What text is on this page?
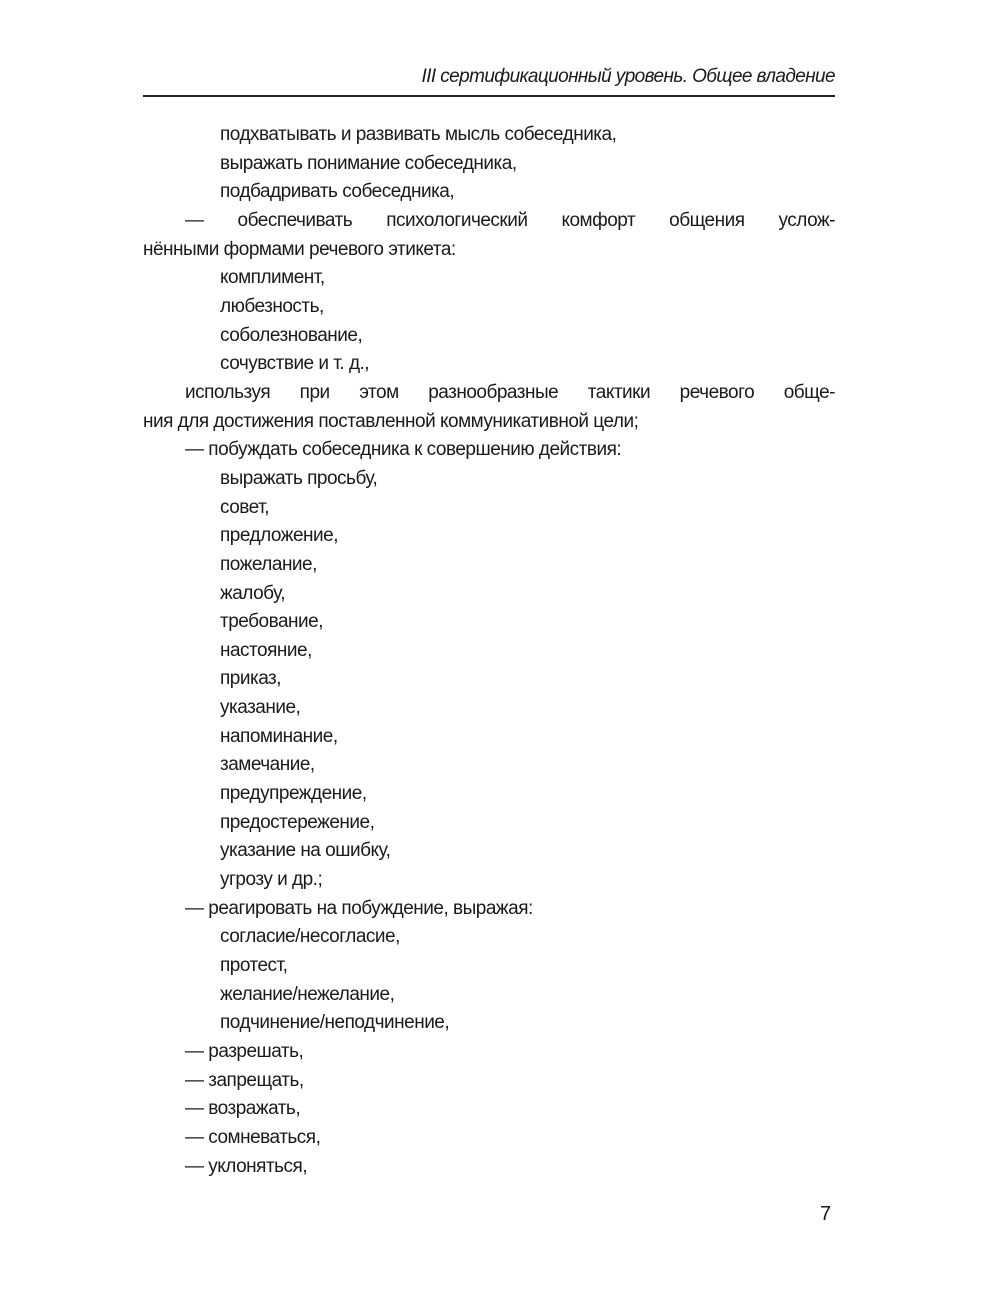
III сертификационный уровень. Общее владение
подхватывать и развивать мысль собеседника,
выражать понимание собеседника,
подбадривать собеседника,
— обеспечивать психологический комфорт общения услож-
нёнными формами речевого этикета:
комплимент,
любезность,
соболезнование,
сочувствие и т. д.,
используя при этом разнообразные тактики речевого обще-
ния для достижения поставленной коммуникативной цели;
— побуждать собеседника к совершению действия:
выражать просьбу,
совет,
предложение,
пожелание,
жалобу,
требование,
настояние,
приказ,
указание,
напоминание,
замечание,
предупреждение,
предостережение,
указание на ошибку,
угрозу и др.;
— реагировать на побуждение, выражая:
согласие/несогласие,
протест,
желание/нежелание,
подчинение/неподчинение,
— разрешать,
— запрещать,
— возражать,
— сомневаться,
— уклоняться,
7
